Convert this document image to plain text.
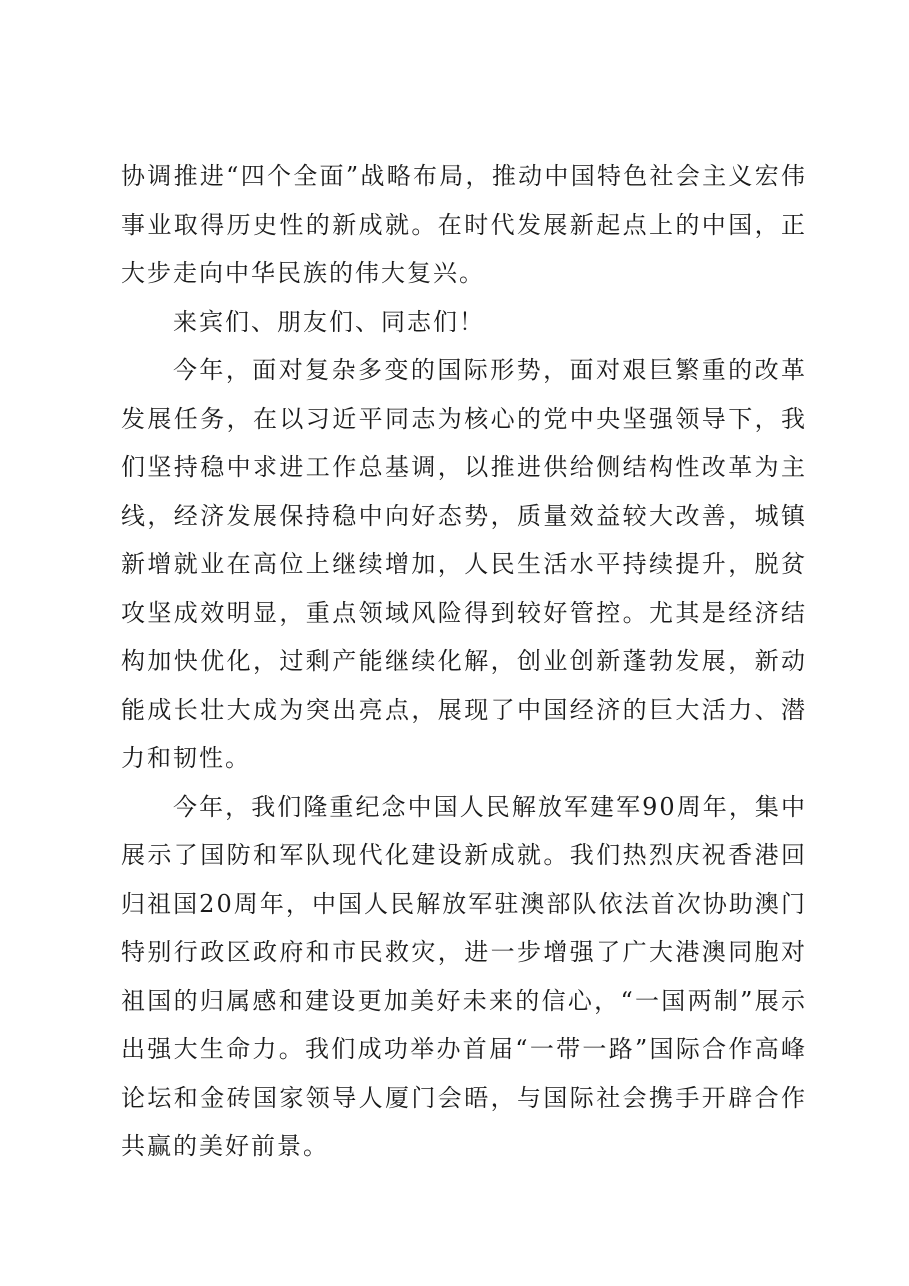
协调推进“四个全面”战略布局，推动中国特色社会主义宏伟事业取得历史性的新成就。在时代发展新起点上的中国，正大步走向中华民族的伟大复兴。

来宾们、朋友们、同志们！

今年，面对复杂多变的国际形势，面对艰巨繁重的改革发展任务，在以习近平同志为核心的党中央坚强领导下，我们坚持稳中求进工作总基调，以推进供给侧结构性改革为主线，经济发展保持稳中向好态势，质量效益较大改善，城镇新增就业在高位上继续增加，人民生活水平持续提升，脱贫攻坚成效明显，重点领域风险得到较好管控。尤其是经济结构加快优化，过剩产能继续化解，创业创新蓬勃发展，新动能成长壮大成为突出亮点，展现了中国经济的巨大活力、潜力和韧性。

今年，我们隆重纪念中国人民解放军建军90周年，集中展示了国防和军队现代化建设新成就。我们热烈庆祝香港回归祖国20周年，中国人民解放军驻澳部队依法首次协助澳门特别行政区政府和市民救灾，进一步增强了广大港澳同胞对祖国的归属感和建设更加美好未来的信心，“一国两制”展示出强大生命力。我们成功举办首届“一带一路”国际合作高峰论坛和金砖国家领导人厦门会晤，与国际社会携手开辟合作共赢的美好前景。
